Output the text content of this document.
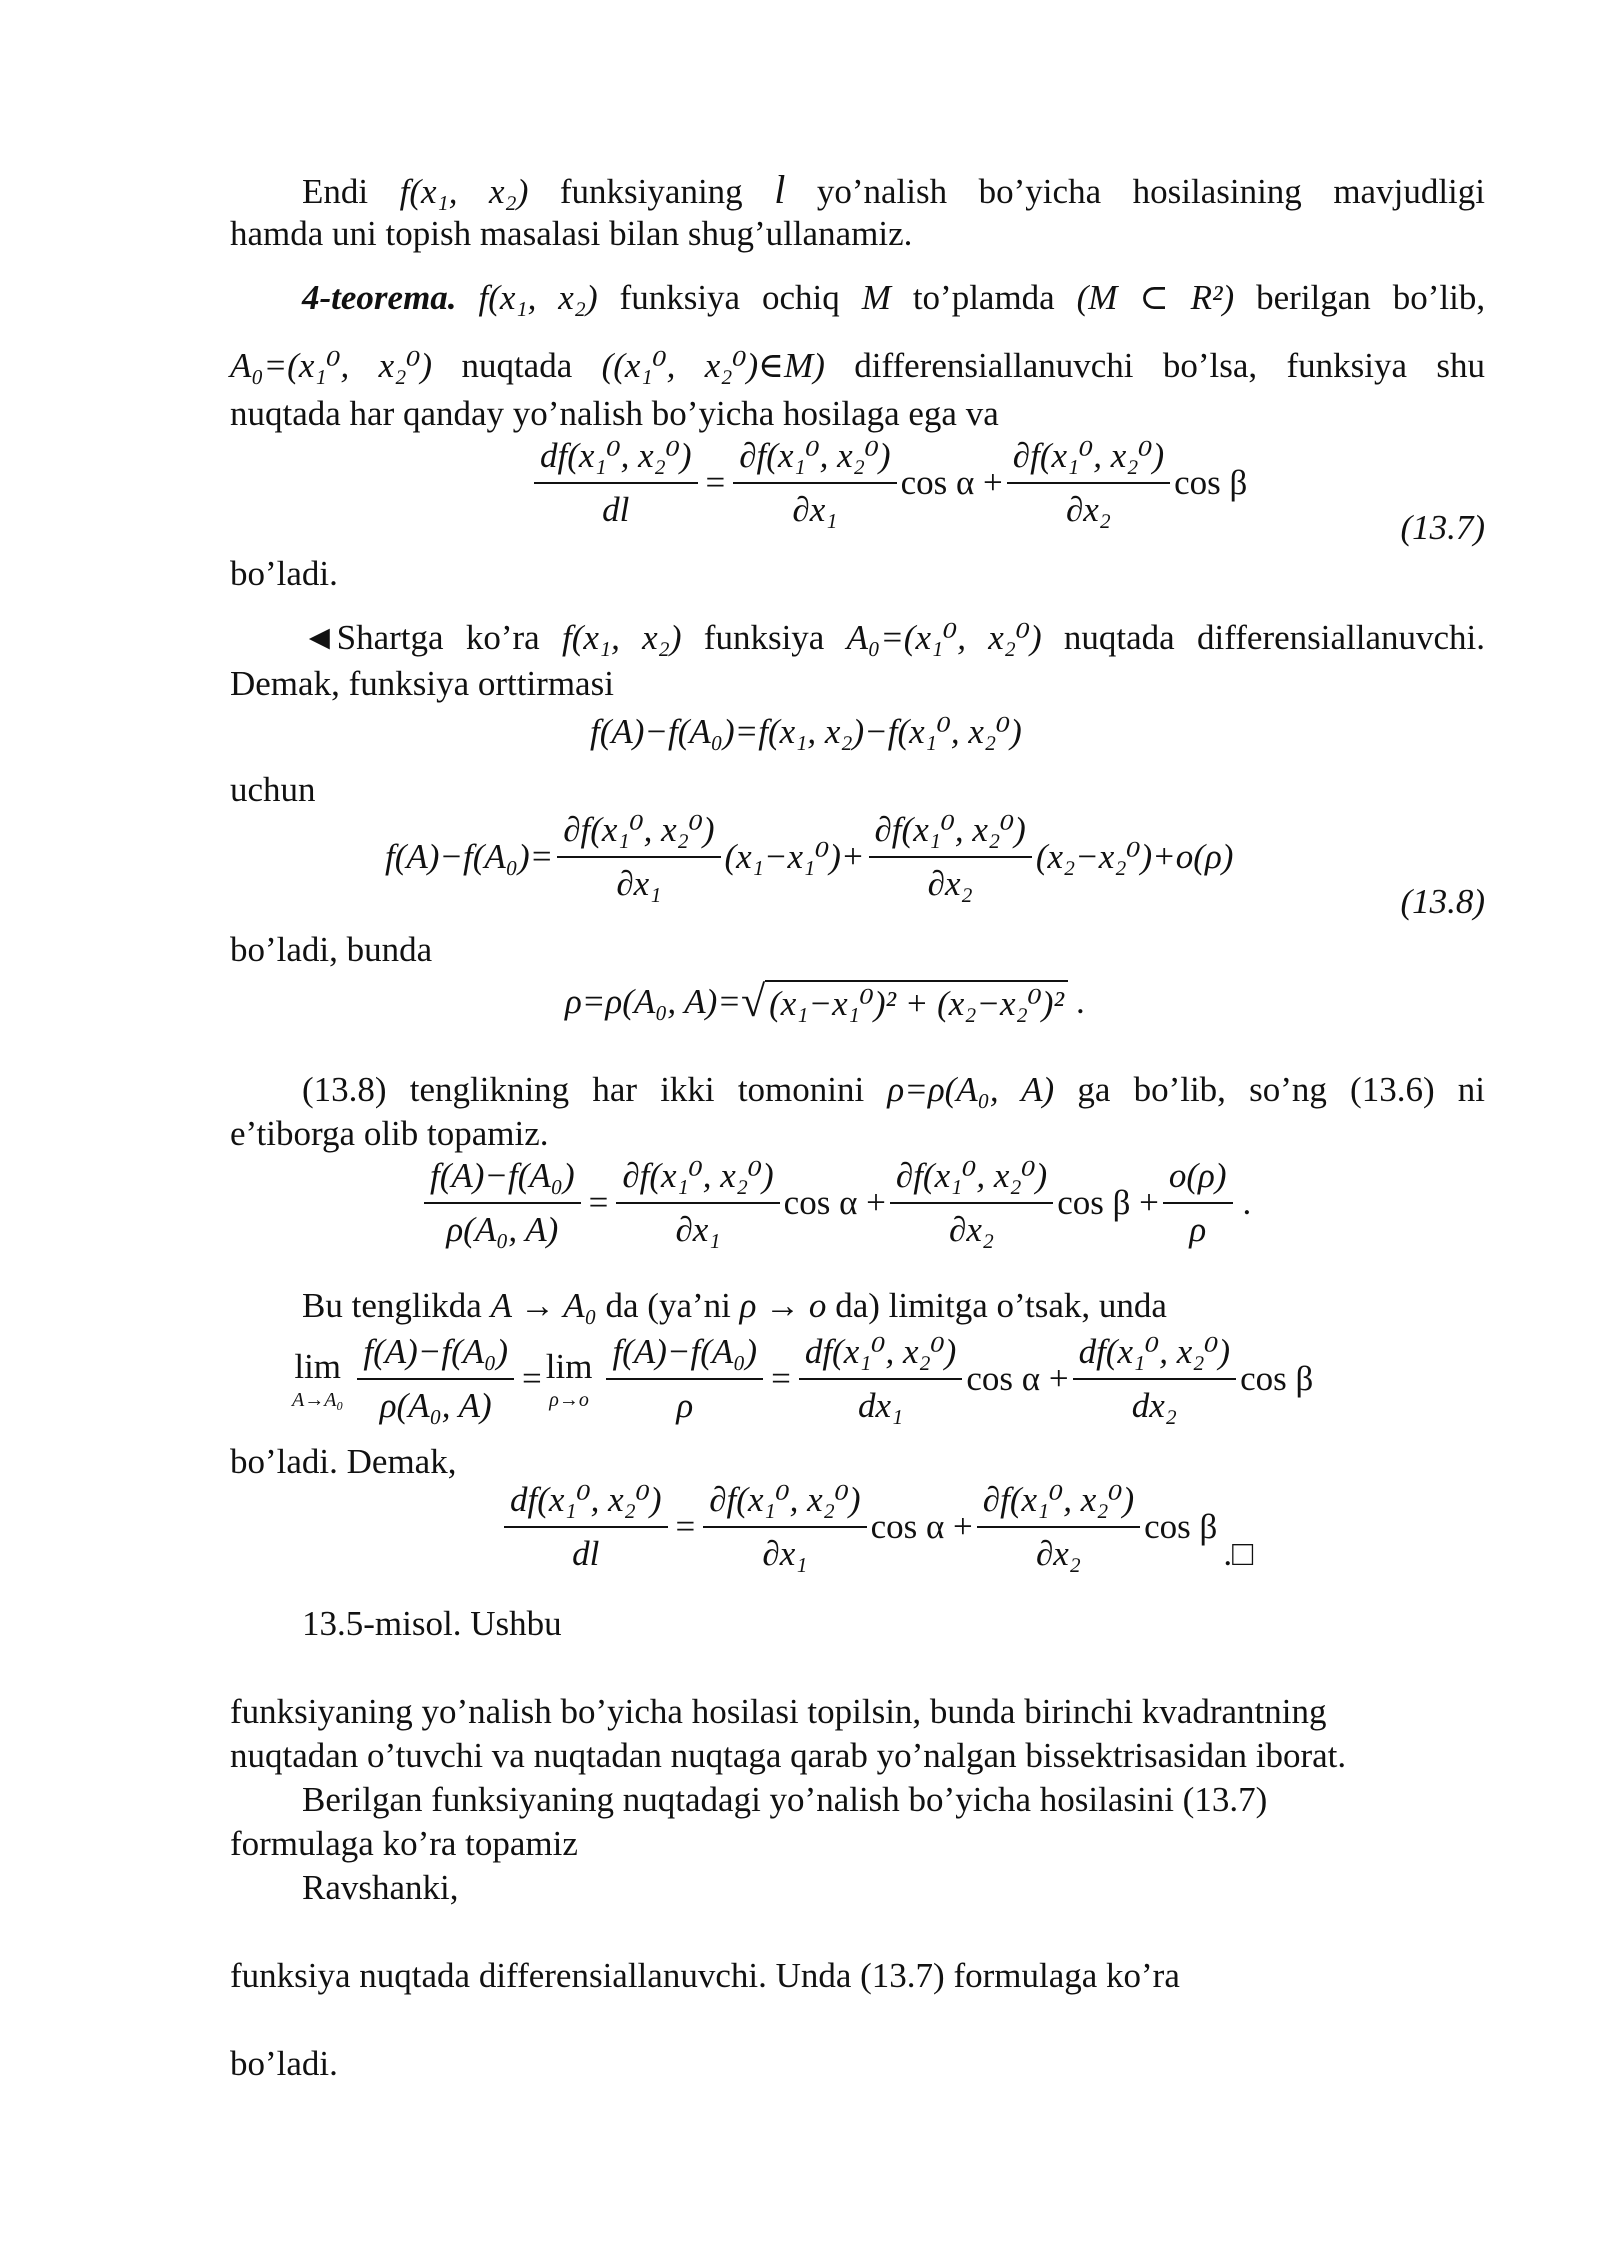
Endi f(x₁, x₂) funksiyaning l yo’nalish bo’yicha hosilasining mavjudligi

hamda uni topish masalasi bilan shug’ullanamiz.

4-teorema. f(x₁, x₂) funksiya ochiq M to’plamda (M ⊂ R²) berilgan bo’lib,

A₀=(x₁⁰, x₂⁰) nuqtada ((x₁⁰, x₂⁰)∈M) differensiallanuvchi bo’lsa, funksiya shu

nuqtada har qanday yo’nalish bo’yicha hosilaga ega va

$\frac{\text{df(x₁⁰, x₂⁰)}}{dl} = \frac{\text{∂f(x₁⁰, x₂⁰)}}{\text{∂x₁}}$ $\cos \alpha + \frac{\text{∂f(x₁⁰, x₂⁰)}}{\text{∂x₂}}$ cos β
(13.7)

bo’ladi.

◄Shartga ko’ra f(x₁, x₂) funksiya A₀=(x₁⁰, x₂⁰) nuqtada differensiallanuvchi.

Demak, funksiya orttirmasi

f(A)−f(A₀)=f(x₁, x₂)−f(x₁⁰, x₂⁰)

uchun

$f(A)-f(A_0)= \frac{\text{∂f(x₁⁰, x₂⁰)}}{\text{∂x₁}} (x_1-x_1^0)+ \frac{\text{∂f(x₁⁰, x₂⁰)}}{\text{∂x₂}} (x_2-x_2^0)+o(\rho)$
(13.8)

bo’ladi, bunda

ρ=ρ(A₀, A)= √ (x₁−x₁⁰)² + (x₂−x₂⁰)² .

(13.8) tenglikning har ikki tomonini ρ=ρ(A₀, A) ga bo’lib, so’ng (13.6) ni

e’tiborga olib topamiz.

$\frac{\text{f(A)−f(A₀)}}{\text{ρ(A₀, A)}} = \frac{\text{∂f(x₁⁰, x₂⁰)}}{\text{∂x₁}}$ $\cos \alpha + \frac{\text{∂f(x₁⁰, x₂⁰)}}{\text{∂x₂}}$ $\cos \beta + \frac{o(\rho)}{\rho}$ .

Bu tenglikda A → A₀ da (ya’ni ρ → o da) limitga o’tsak, unda

lim
$A\to A_0 \frac{\text{f(A)−f(A₀)}}{\text{ρ(A₀, A)}} = \lim$
$\rho\to o \frac{\text{f(A)−f(A₀)}}{\rho} = \frac{\text{df(x₁⁰, x₂⁰)}}{\text{dx₁}}$ $\cos \alpha + \frac{\text{df(x₁⁰, x₂⁰)}}{\text{dx₂}}$ cos β

bo’ladi. Demak,

$\frac{\text{df(x₁⁰, x₂⁰)}}{dl} = \frac{\text{∂f(x₁⁰, x₂⁰)}}{\text{∂x₁}}$ $\cos \alpha + \frac{\text{∂f(x₁⁰, x₂⁰)}}{\text{∂x₂}}$ cos β
.□

13.5-misol. Ushbu

funksiyaning yo’nalish bo’yicha hosilasi topilsin, bunda birinchi kvadrantning

nuqtadan o’tuvchi va nuqtadan nuqtaga qarab yo’nalgan bissektrisasidan iborat.

Berilgan funksiyaning nuqtadagi yo’nalish bo’yicha hosilasini (13.7)

formulaga ko’ra topamiz

Ravshanki,

funksiya nuqtada differensiallanuvchi. Unda (13.7) formulaga ko’ra

bo’ladi.
